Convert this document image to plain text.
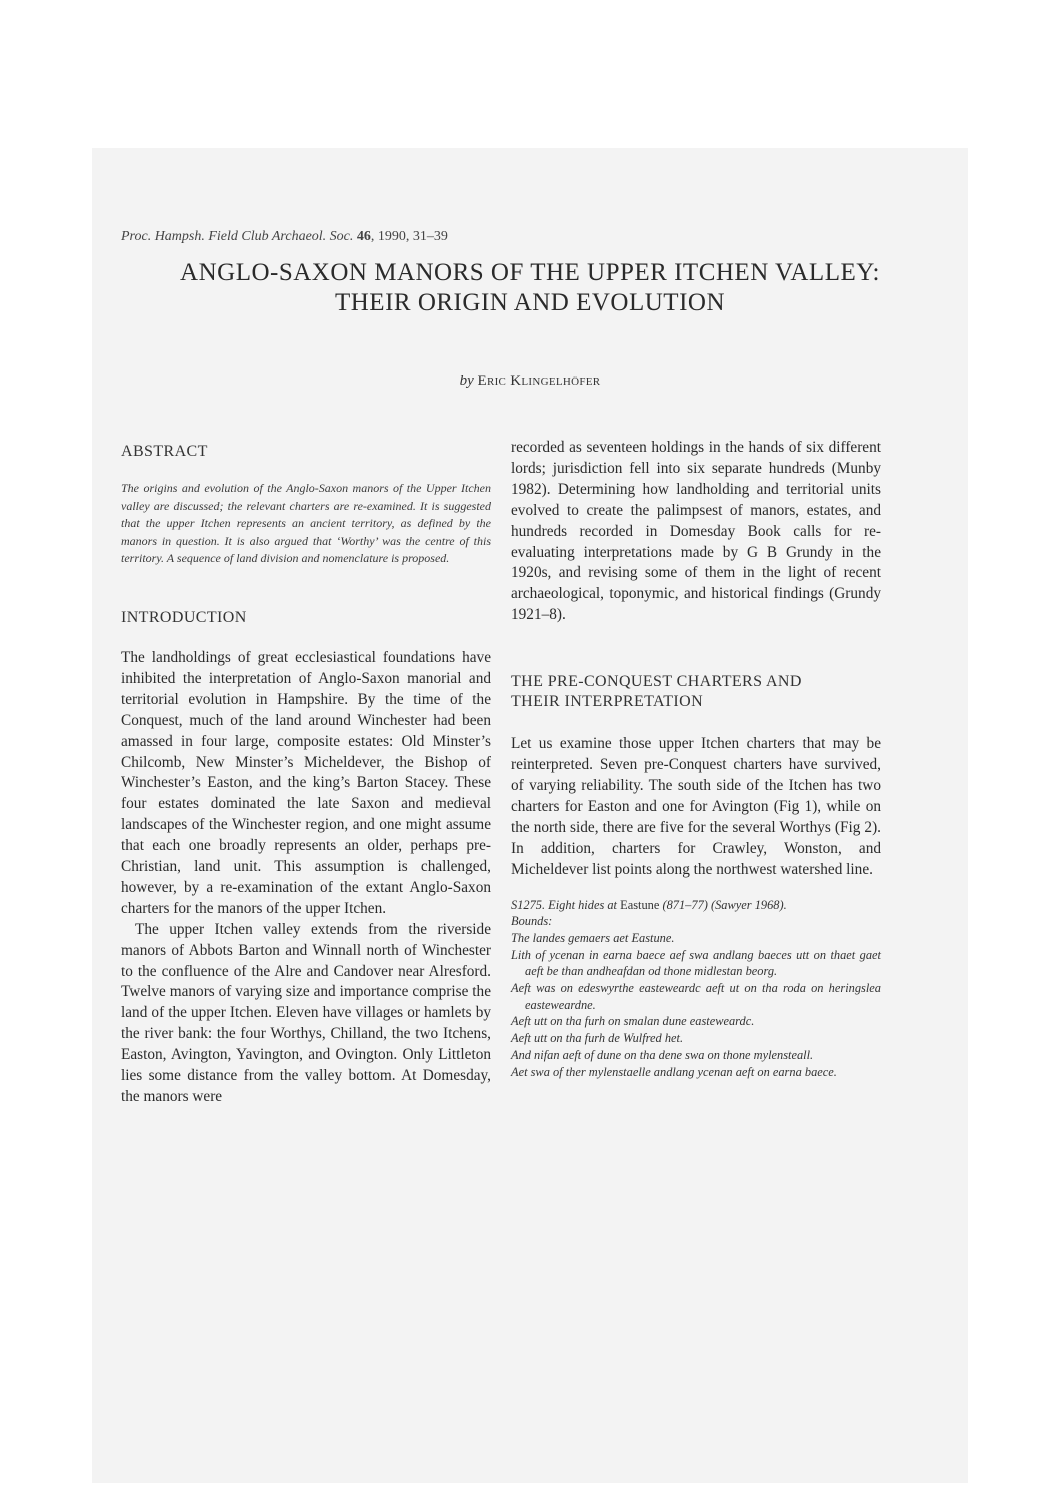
Proc. Hampsh. Field Club Archaeol. Soc. 46, 1990, 31–39
ANGLO-SAXON MANORS OF THE UPPER ITCHEN VALLEY:
THEIR ORIGIN AND EVOLUTION
by Eric Klingelhöfer
ABSTRACT

The origins and evolution of the Anglo-Saxon manors of the Upper Itchen valley are discussed; the relevant charters are re-examined. It is suggested that the upper Itchen represents an ancient territory, as defined by the manors in question. It is also argued that ‘Worthy’ was the centre of this territory. A sequence of land division and nomenclature is proposed.

INTRODUCTION

The landholdings of great ecclesiastical foundations have inhibited the interpretation of Anglo-Saxon manorial and territorial evolution in Hampshire. By the time of the Conquest, much of the land around Winchester had been amassed in four large, composite estates: Old Minster’s Chilcomb, New Minster’s Micheldever, the Bishop of Winchester’s Easton, and the king’s Barton Stacey. These four estates dominated the late Saxon and medieval landscapes of the Winchester region, and one might assume that each one broadly represents an older, perhaps pre-Christian, land unit. This assumption is challenged, however, by a re-examination of the extant Anglo-Saxon charters for the manors of the upper Itchen.

The upper Itchen valley extends from the riverside manors of Abbots Barton and Winnall north of Winchester to the confluence of the Alre and Candover near Alresford. Twelve manors of varying size and importance comprise the land of the upper Itchen. Eleven have villages or hamlets by the river bank: the four Worthys, Chilland, the two Itchens, Easton, Avington, Yavington, and Ovington. Only Littleton lies some distance from the valley bottom. At Domesday, the manors were

recorded as seventeen holdings in the hands of six different lords; jurisdiction fell into six separate hundreds (Munby 1982). Determining how landholding and territorial units evolved to create the palimpsest of manors, estates, and hundreds recorded in Domesday Book calls for re-evaluating interpretations made by G B Grundy in the 1920s, and revising some of them in the light of recent archaeological, toponymic, and historical findings (Grundy 1921–8).

THE PRE-CONQUEST CHARTERS AND
THEIR INTERPRETATION

Let us examine those upper Itchen charters that may be reinterpreted. Seven pre-Conquest charters have survived, of varying reliability. The south side of the Itchen has two charters for Easton and one for Avington (Fig 1), while on the north side, there are five for the several Worthys (Fig 2). In addition, charters for Crawley, Wonston, and Micheldever list points along the northwest watershed line.

S1275. Eight hides at Eastune (871–77) (Sawyer 1968).

Bounds:

The landes gemaers aet Eastune.

Lith of ycenan in earna baece aef swa andlang baeces utt on thaet gaet aeft be than andheafdan od thone midlestan beorg.

Aeft was on edeswyrthe easteweardc aeft ut on tha roda on heringslea easteweardne.

Aeft utt on tha furh on smalan dune easteweardc.

Aeft utt on tha furh de Wulfred het.

And nifan aeft of dune on tha dene swa on thone mylensteall.

Aet swa of ther mylenstaelle andlang ycenan aeft on earna baece.
